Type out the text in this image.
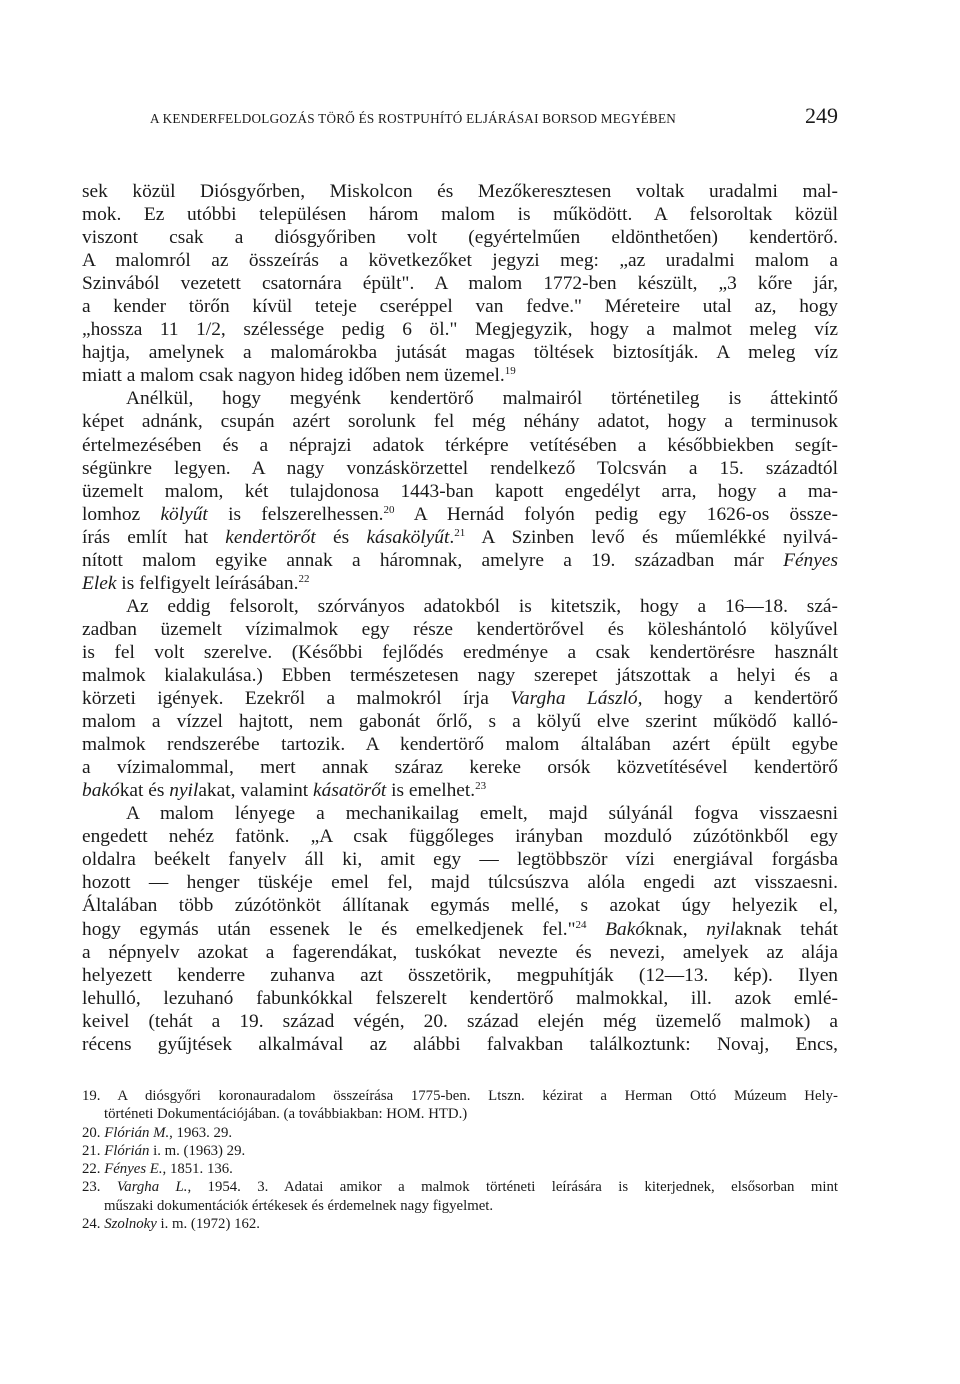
A KENDERFELDOLGOZÁS TÖRŐ ÉS ROSTPUHÍTÓ ELJÁRÁSAI BORSOD MEGYÉBEN	249
sek közül Diósgyőrben, Miskolcon és Mezőkeresztesen voltak uradalmi mal-
mok. Ez utóbbi településen három malom is működött. A felsoroltak közül
viszont csak a diósgyőriben volt (egyértelműen eldönthetően) kendertörő.
A malomról az összeírás a következőket jegyzi meg: „az uradalmi malom a
Szinvából vezetett csatornára épült". A malom 1772-ben készült, „3 kőre jár,
a kender törőn kívül teteje cseréppel van fedve." Méreteire utal az, hogy
„hossza 11 1/2, szélessége pedig 6 öl." Megjegyzik, hogy a malmot meleg víz
hajtja, amelynek a malomárokba jutását magas töltések biztosítják. A meleg víz
miatt a malom csak nagyon hideg időben nem üzemel.$^{19}$
Anélkül, hogy megyénk kendertörő malmairól történetileg is áttekintő
képet adnánk, csupán azért sorolunk fel még néhány adatot, hogy a terminusok
értelmezésében és a néprajzi adatok térképre vetítésében a későbbiekben segít-
ségünkre legyen. A nagy vonzáskörzettel rendelkező Tolcsván a 15. századtól
üzemelt malom, két tulajdonosa 1443-ban kapott engedélyt arra, hogy a ma-
lomhoz kölyűt is felszerelhessen.$^{20}$ A Hernád folyón pedig egy 1626-os össze-
írás említ hat kendertörőt és kásakölyűt.$^{21}$ A Szinben levő és műemlékké nyilvá-
nított malom egyike annak a háromnak, amelyre a 19. században már Fényes
Elek is felfigyelt leírásában.$^{22}$
Az eddig felsorolt, szórványos adatokból is kitetszik, hogy a 16—18. szá-
zadban üzemelt vízimalmok egy része kendertörővel és köleshántoló kölyűvel
is fel volt szerelve. (Későbbi fejlődés eredménye a csak kendertörésre használt
malmok kialakulása.) Ebben természetesen nagy szerepet játszottak a helyi és a
körzeti igények. Ezekről a malmokról írja Vargha László, hogy a kendertörő
malom a vízzel hajtott, nem gabonát őrlő, s a kölyű elve szerint működő kalló-
malmok rendszerébe tartozik. A kendertörő malom általában azért épült egybe
a vízimalommal, mert annak száraz kereke orsók közvetítésével kendertörő
bakókat és nyilakat, valamint kásatörőt is emelhet.$^{23}$
A malom lényege a mechanikailag emelt, majd súlyánál fogva visszaesni
engedett nehéz fatönk. „A csak függőleges irányban mozduló zúzótönkből egy
oldalra beékelt fanyelv áll ki, amit egy — legtöbbször vízi energiával forgásba
hozott — henger tüskéje emel fel, majd túlcsúszva alóla engedi azt visszaesni.
Általában több zúzótönköt állítanak egymás mellé, s azokat úgy helyezik el,
hogy egymás után essenek le és emelkedjenek fel."$^{24}$ Bakóknak, nyilaknak tehát
a népnyelv azokat a fagerendákat, tuskókat nevezte és nevezi, amelyek az alája
helyezett kenderre zuhanva azt összetörik, megpuhítják (12—13. kép). Ilyen
lehulló, lezuhanó fabunkókkal felszerelt kendertörő malmokkal, ill. azok emlé-
keivel (tehát a 19. század végén, 20. század elején még üzemelő malmok) a
récens gyűjtések alkalmával az alábbi falvakban találkoztunk: Novaj, Encs,
19. A diósgyőri koronauradalom összeírása 1775-ben. Ltszn. kézirat a Herman Ottó Múzeum Hely-
történeti Dokumentációjában. (a továbbiakban: HOM. HTD.)
20. Flórián M., 1963. 29.
21. Flórián i. m. (1963) 29.
22. Fényes E., 1851. 136.
23. Vargha L., 1954. 3. Adatai amikor a malmok történeti leírására is kiterjednek, elsősorban mint
műszaki dokumentációk értékesek és érdemelnek nagy figyelmet.
24. Szolnoky i. m. (1972) 162.
